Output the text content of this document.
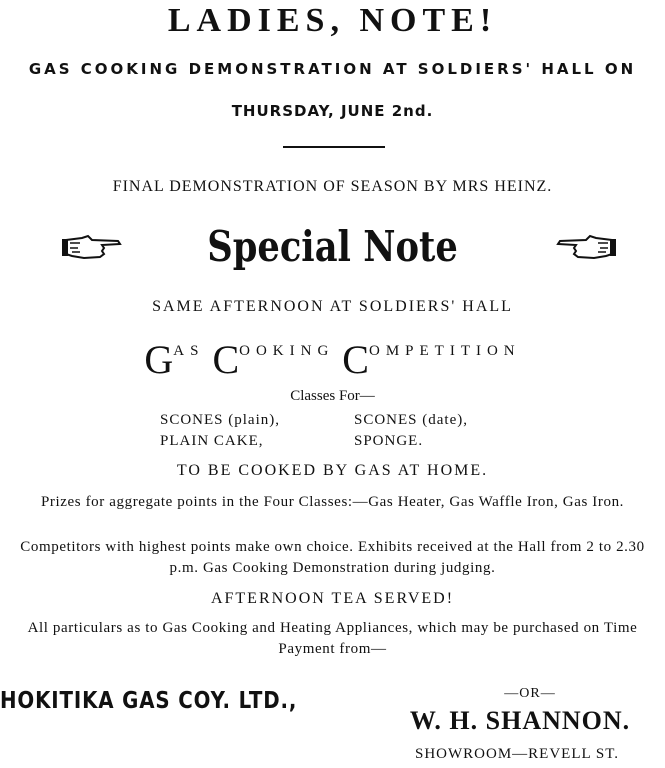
LADIES, NOTE!
GAS COOKING DEMONSTRATION AT SOLDIERS' HALL ON
THURSDAY, JUNE 2nd.
FINAL DEMONSTRATION OF SEASON BY MRS HEINZ.
Special Note
SAME AFTERNOON AT SOLDIERS' HALL
GAS COOKING COMPETITION
Classes For—
SCONES (plain),	SCONES (date),
PLAIN CAKE,	SPONGE.
TO BE COOKED BY GAS AT HOME.
Prizes for aggregate points in the Four Classes:—Gas Heater, Gas Waffle Iron, Gas Iron.
Competitors with highest points make own choice. Exhibits received at the Hall from 2 to 2.30 p.m. Gas Cooking Demonstration during judging.
AFTERNOON TEA SERVED!
All particulars as to Gas Cooking and Heating Appliances, which may be purchased on Time Payment from—
HOKITIKA GAS COY. LTD.,	—OR—
W. H. SHANNON.
SHOWROOM—REVELL ST.
